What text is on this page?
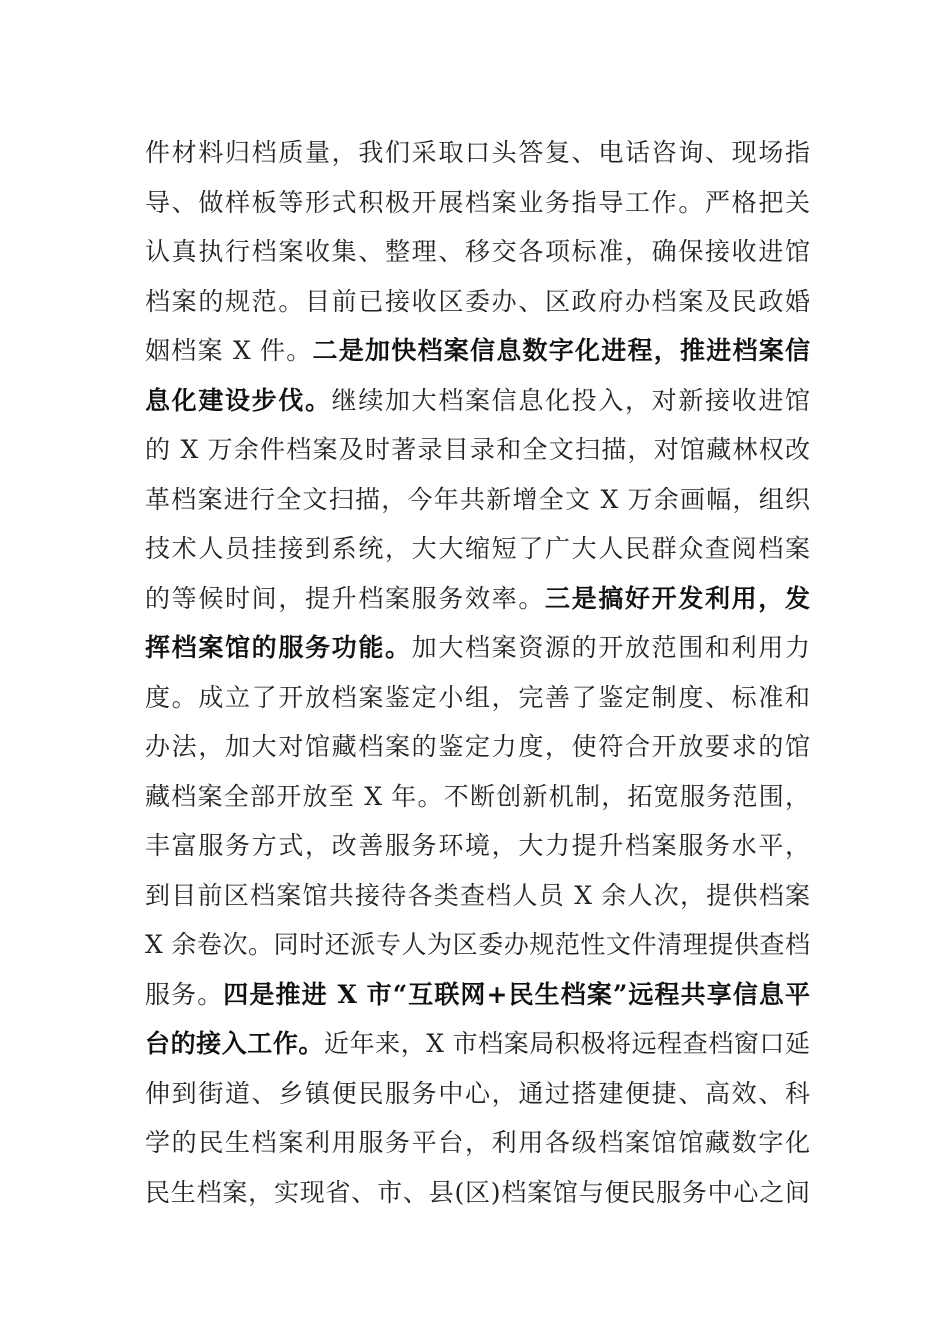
件材料归档质量，我们采取口头答复、电话咨询、现场指
导、做样板等形式积极开展档案业务指导工作。严格把关
认真执行档案收集、整理、移交各项标准，确保接收进馆
档案的规范。目前已接收区委办、区政府办档案及民政婚
姻档案 X 件。二是加快档案信息数字化进程，推进档案信
息化建设步伐。继续加大档案信息化投入，对新接收进馆
的 X 万余件档案及时著录目录和全文扫描，对馆藏林权改
革档案进行全文扫描，今年共新增全文 X 万余画幅，组织
技术人员挂接到系统，大大缩短了广大人民群众查阅档案
的等候时间，提升档案服务效率。三是搞好开发利用，发
挥档案馆的服务功能。加大档案资源的开放范围和利用力
度。成立了开放档案鉴定小组，完善了鉴定制度、标准和
办法，加大对馆藏档案的鉴定力度，使符合开放要求的馆
藏档案全部开放至 X 年。不断创新机制，拓宽服务范围，
丰富服务方式，改善服务环境，大力提升档案服务水平，
到目前区档案馆共接待各类查档人员 X 余人次，提供档案
X 余卷次。同时还派专人为区委办规范性文件清理提供查档
服务。四是推进 X 市“互联网+民生档案”远程共享信息平
台的接入工作。近年来，X 市档案局积极将远程查档窗口延
伸到街道、乡镇便民服务中心，通过搭建便捷、高效、科
学的民生档案利用服务平台，利用各级档案馆馆藏数字化
民生档案，实现省、市、县(区)档案馆与便民服务中心之间
